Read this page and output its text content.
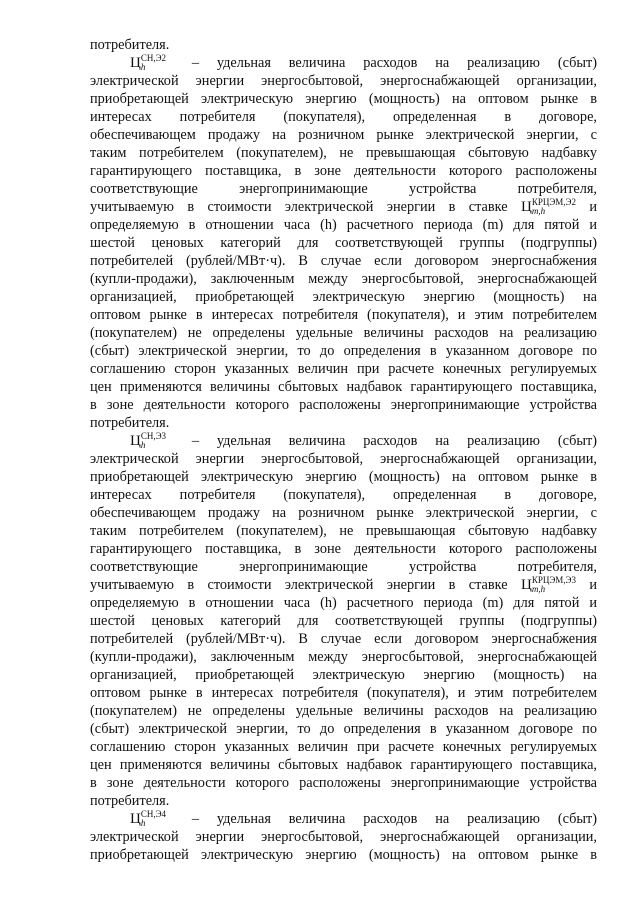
потребителя.

Ц СН,Э2
h	– удельная величина расходов на реализацию (сбыт)

электрической энергии энергосбытовой, энергоснабжающей организации,

приобретающей электрическую энергию (мощность) на оптовом рынке в

интересах потребителя (покупателя), определенная в договоре,

обеспечивающем продажу на розничном рынке электрической энергии, с

таким потребителем (покупателем), не превышающая сбытовую надбавку

гарантирующего поставщика, в зоне деятельности которого расположены

соответствующие энергопринимающие устройства потребителя,

учитываемую в стоимости электрической энергии в ставке Ц КРЦЭМ,Э2
m,h	и

определяемую в отношении часа (h) расчетного периода (m) для пятой и

шестой ценовых категорий для соответствующей группы (подгруппы)

потребителей (рублей/МВт·ч). В случае если договором энергоснабжения

(купли-продажи), заключенным между энергосбытовой, энергоснабжающей

организацией, приобретающей электрическую энергию (мощность) на

оптовом рынке в интересах потребителя (покупателя), и этим потребителем

(покупателем) не определены удельные величины расходов на реализацию

(сбыт) электрической энергии, то до определения в указанном договоре по

соглашению сторон указанных величин при расчете конечных регулируемых

цен применяются величины сбытовых надбавок гарантирующего поставщика,

в зоне деятельности которого расположены энергопринимающие устройства

потребителя.

Ц СН,Э3
h	– удельная величина расходов на реализацию (сбыт)

электрической энергии энергосбытовой, энергоснабжающей организации,

приобретающей электрическую энергию (мощность) на оптовом рынке в

интересах потребителя (покупателя), определенная в договоре,

обеспечивающем продажу на розничном рынке электрической энергии, с

таким потребителем (покупателем), не превышающая сбытовую надбавку

гарантирующего поставщика, в зоне деятельности которого расположены

соответствующие энергопринимающие устройства потребителя,

учитываемую в стоимости электрической энергии в ставке Ц КРЦЭМ,Э3
m,h	и

определяемую в отношении часа (h) расчетного периода (m) для пятой и

шестой ценовых категорий для соответствующей группы (подгруппы)

потребителей (рублей/МВт·ч). В случае если договором энергоснабжения

(купли-продажи), заключенным между энергосбытовой, энергоснабжающей

организацией, приобретающей электрическую энергию (мощность) на

оптовом рынке в интересах потребителя (покупателя), и этим потребителем

(покупателем) не определены удельные величины расходов на реализацию

(сбыт) электрической энергии, то до определения в указанном договоре по

соглашению сторон указанных величин при расчете конечных регулируемых

цен применяются величины сбытовых надбавок гарантирующего поставщика,

в зоне деятельности которого расположены энергопринимающие устройства

потребителя.

Ц СН,Э4
h	– удельная величина расходов на реализацию (сбыт)

электрической энергии энергосбытовой, энергоснабжающей организации,

приобретающей электрическую энергию (мощность) на оптовом рынке в
